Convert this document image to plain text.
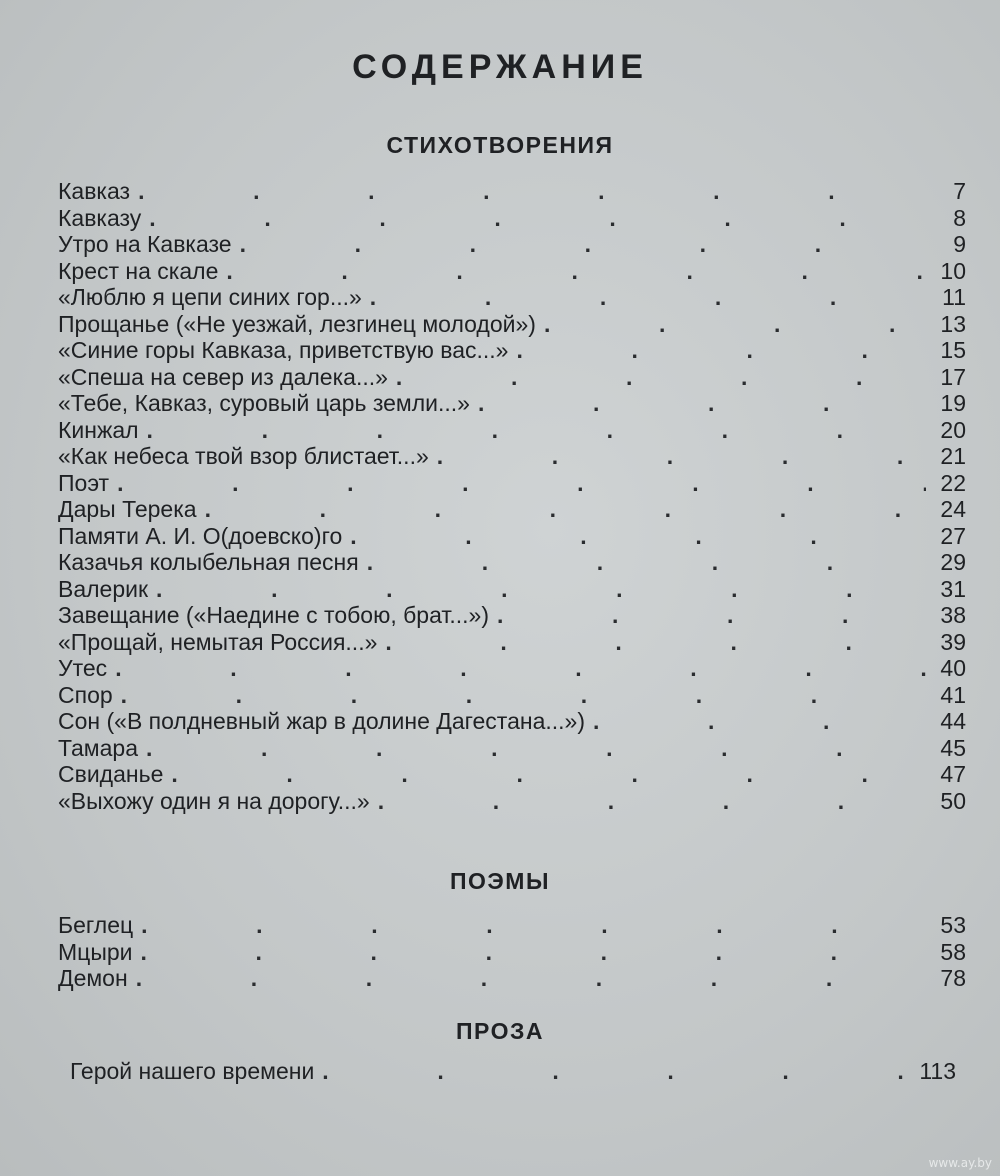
СОДЕРЖАНИЕ
СТИХОТВОРЕНИЯ
Кавказ .	7
Кавказу .	8
Утро на Кавказе .	9
Крест на скале .	10
«Люблю я цепи синих гор...» .	11
Прощанье («Не уезжай, лезгинец молодой») .	13
«Синие горы Кавказа, приветствую вас...» .	15
«Спеша на север из далека...» .	17
«Тебе, Кавказ, суровый царь земли...» .	19
Кинжал .	20
«Как небеса твой взор блистает...» .	21
Поэт .	22
Дары Терека .	24
Памяти А. И. О(доевско)го .	27
Казачья колыбельная песня .	29
Валерик .	31
Завещание («Наедине с тобою, брат...») .	38
«Прощай, немытая Россия...» .	39
Утес .	40
Спор .	41
Сон («В полдневный жар в долине Дагестана...») .	44
Тамара .	45
Свиданье .	47
«Выхожу один я на дорогу...» .	50
ПОЭМЫ
Беглец .	53
Мцыри .	58
Демон .	78
ПРОЗА
Герой нашего времени .	113
www.ay.by
